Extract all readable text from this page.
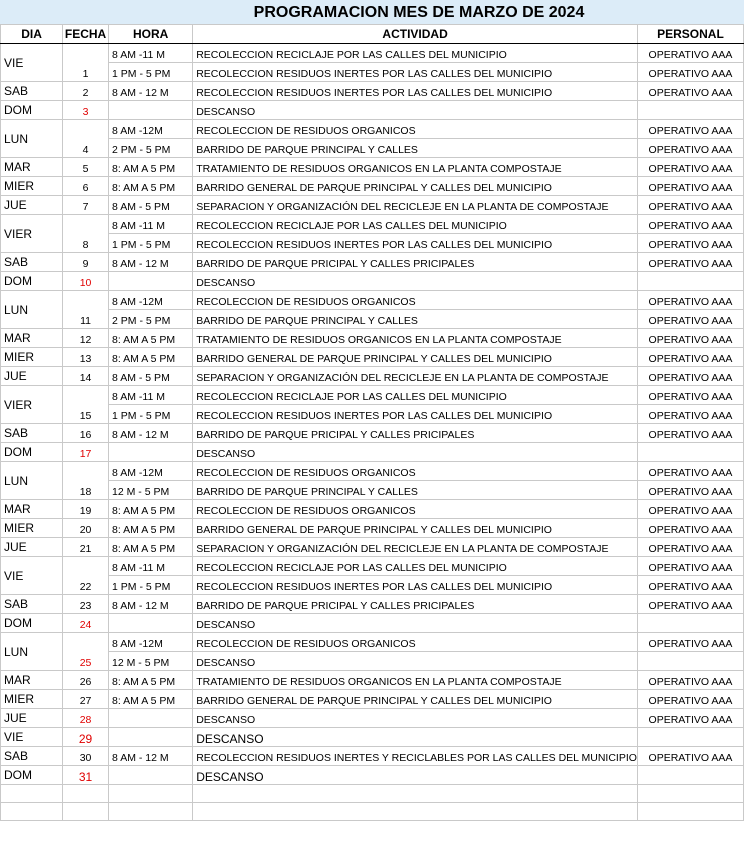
PROGRAMACION MES DE MARZO DE 2024
DIA	FECHA	HORA	ACTIVIDAD	PERSONAL
VIE	1	8 AM -11 M	RECOLECCION RECICLAJE POR LAS CALLES DEL MUNICIPIO	OPERATIVO AAA
		1 PM - 5 PM	RECOLECCION RESIDUOS INERTES POR LAS CALLES DEL MUNICIPIO	OPERATIVO AAA
SAB	2	8 AM - 12 M	RECOLECCION RESIDUOS INERTES POR LAS CALLES DEL MUNICIPIO	OPERATIVO AAA
DOM	3		DESCANSO	
LUN	4	8 AM -12M	RECOLECCION DE RESIDUOS ORGANICOS	OPERATIVO AAA
		2 PM - 5 PM	BARRIDO DE PARQUE PRINCIPAL Y CALLES	OPERATIVO AAA
MAR	5	8: AM A 5 PM	TRATAMIENTO DE RESIDUOS ORGANICOS EN LA PLANTA COMPOSTAJE	OPERATIVO AAA
MIER	6	8: AM A 5 PM	BARRIDO GENERAL DE PARQUE PRINCIPAL Y CALLES DEL MUNICIPIO	OPERATIVO AAA
JUE	7	8 AM - 5 PM	SEPARACION Y ORGANIZACIÓN DEL RECICLEJE EN LA PLANTA DE COMPOSTAJE	OPERATIVO AAA
VIER	8	8 AM -11 M	RECOLECCION RECICLAJE POR LAS CALLES DEL MUNICIPIO	OPERATIVO AAA
		1 PM - 5 PM	RECOLECCION RESIDUOS INERTES POR LAS CALLES DEL MUNICIPIO	OPERATIVO AAA
SAB	9	8 AM - 12 M	BARRIDO DE PARQUE PRICIPAL Y CALLES PRICIPALES	OPERATIVO AAA
DOM	10		DESCANSO	
LUN	11	8 AM -12M	RECOLECCION DE RESIDUOS ORGANICOS	OPERATIVO AAA
		2 PM - 5 PM	BARRIDO DE PARQUE PRINCIPAL Y CALLES	OPERATIVO AAA
MAR	12	8: AM A 5 PM	TRATAMIENTO DE RESIDUOS ORGANICOS EN LA PLANTA COMPOSTAJE	OPERATIVO AAA
MIER	13	8: AM A 5 PM	BARRIDO GENERAL DE PARQUE PRINCIPAL Y CALLES DEL MUNICIPIO	OPERATIVO AAA
JUE	14	8 AM - 5 PM	SEPARACION Y ORGANIZACIÓN DEL RECICLEJE EN LA PLANTA DE COMPOSTAJE	OPERATIVO AAA
VIER	15	8 AM -11 M	RECOLECCION RECICLAJE POR LAS CALLES DEL MUNICIPIO	OPERATIVO AAA
		1 PM - 5 PM	RECOLECCION RESIDUOS INERTES POR LAS CALLES DEL MUNICIPIO	OPERATIVO AAA
SAB	16	8 AM - 12 M	BARRIDO DE PARQUE PRICIPAL Y CALLES PRICIPALES	OPERATIVO AAA
DOM	17		DESCANSO	
LUN	18	8 AM -12M	RECOLECCION DE RESIDUOS ORGANICOS	OPERATIVO AAA
		12 M - 5 PM	BARRIDO DE PARQUE PRINCIPAL Y CALLES	OPERATIVO AAA
MAR	19	8: AM A 5 PM	RECOLECCION DE RESIDUOS ORGANICOS	OPERATIVO AAA
MIER	20	8: AM A 5 PM	BARRIDO GENERAL DE PARQUE PRINCIPAL Y CALLES DEL MUNICIPIO	OPERATIVO AAA
JUE	21	8: AM A 5 PM	SEPARACION Y ORGANIZACIÓN DEL RECICLEJE EN LA PLANTA DE COMPOSTAJE	OPERATIVO AAA
VIE	22	8 AM -11 M	RECOLECCION RECICLAJE POR LAS CALLES DEL MUNICIPIO	OPERATIVO AAA
		1 PM - 5 PM	RECOLECCION RESIDUOS INERTES POR LAS CALLES DEL MUNICIPIO	OPERATIVO AAA
SAB	23	8 AM - 12 M	BARRIDO DE PARQUE PRICIPAL Y CALLES PRICIPALES	OPERATIVO AAA
DOM	24		DESCANSO	
LUN	25	8 AM -12M	RECOLECCION DE RESIDUOS ORGANICOS	OPERATIVO AAA
		12 M - 5 PM	DESCANSO	
MAR	26	8: AM A 5 PM	TRATAMIENTO DE RESIDUOS ORGANICOS EN LA PLANTA COMPOSTAJE	OPERATIVO AAA
MIER	27	8: AM A 5 PM	BARRIDO GENERAL DE PARQUE PRINCIPAL Y CALLES DEL MUNICIPIO	OPERATIVO AAA
JUE	28		DESCANSO	OPERATIVO AAA
VIE	29		DESCANSO	
SAB	30	8 AM - 12 M	RECOLECCION RESIDUOS INERTES Y RECICLABLES POR LAS CALLES DEL MUNICIPIO	OPERATIVO AAA
DOM	31		DESCANSO	
